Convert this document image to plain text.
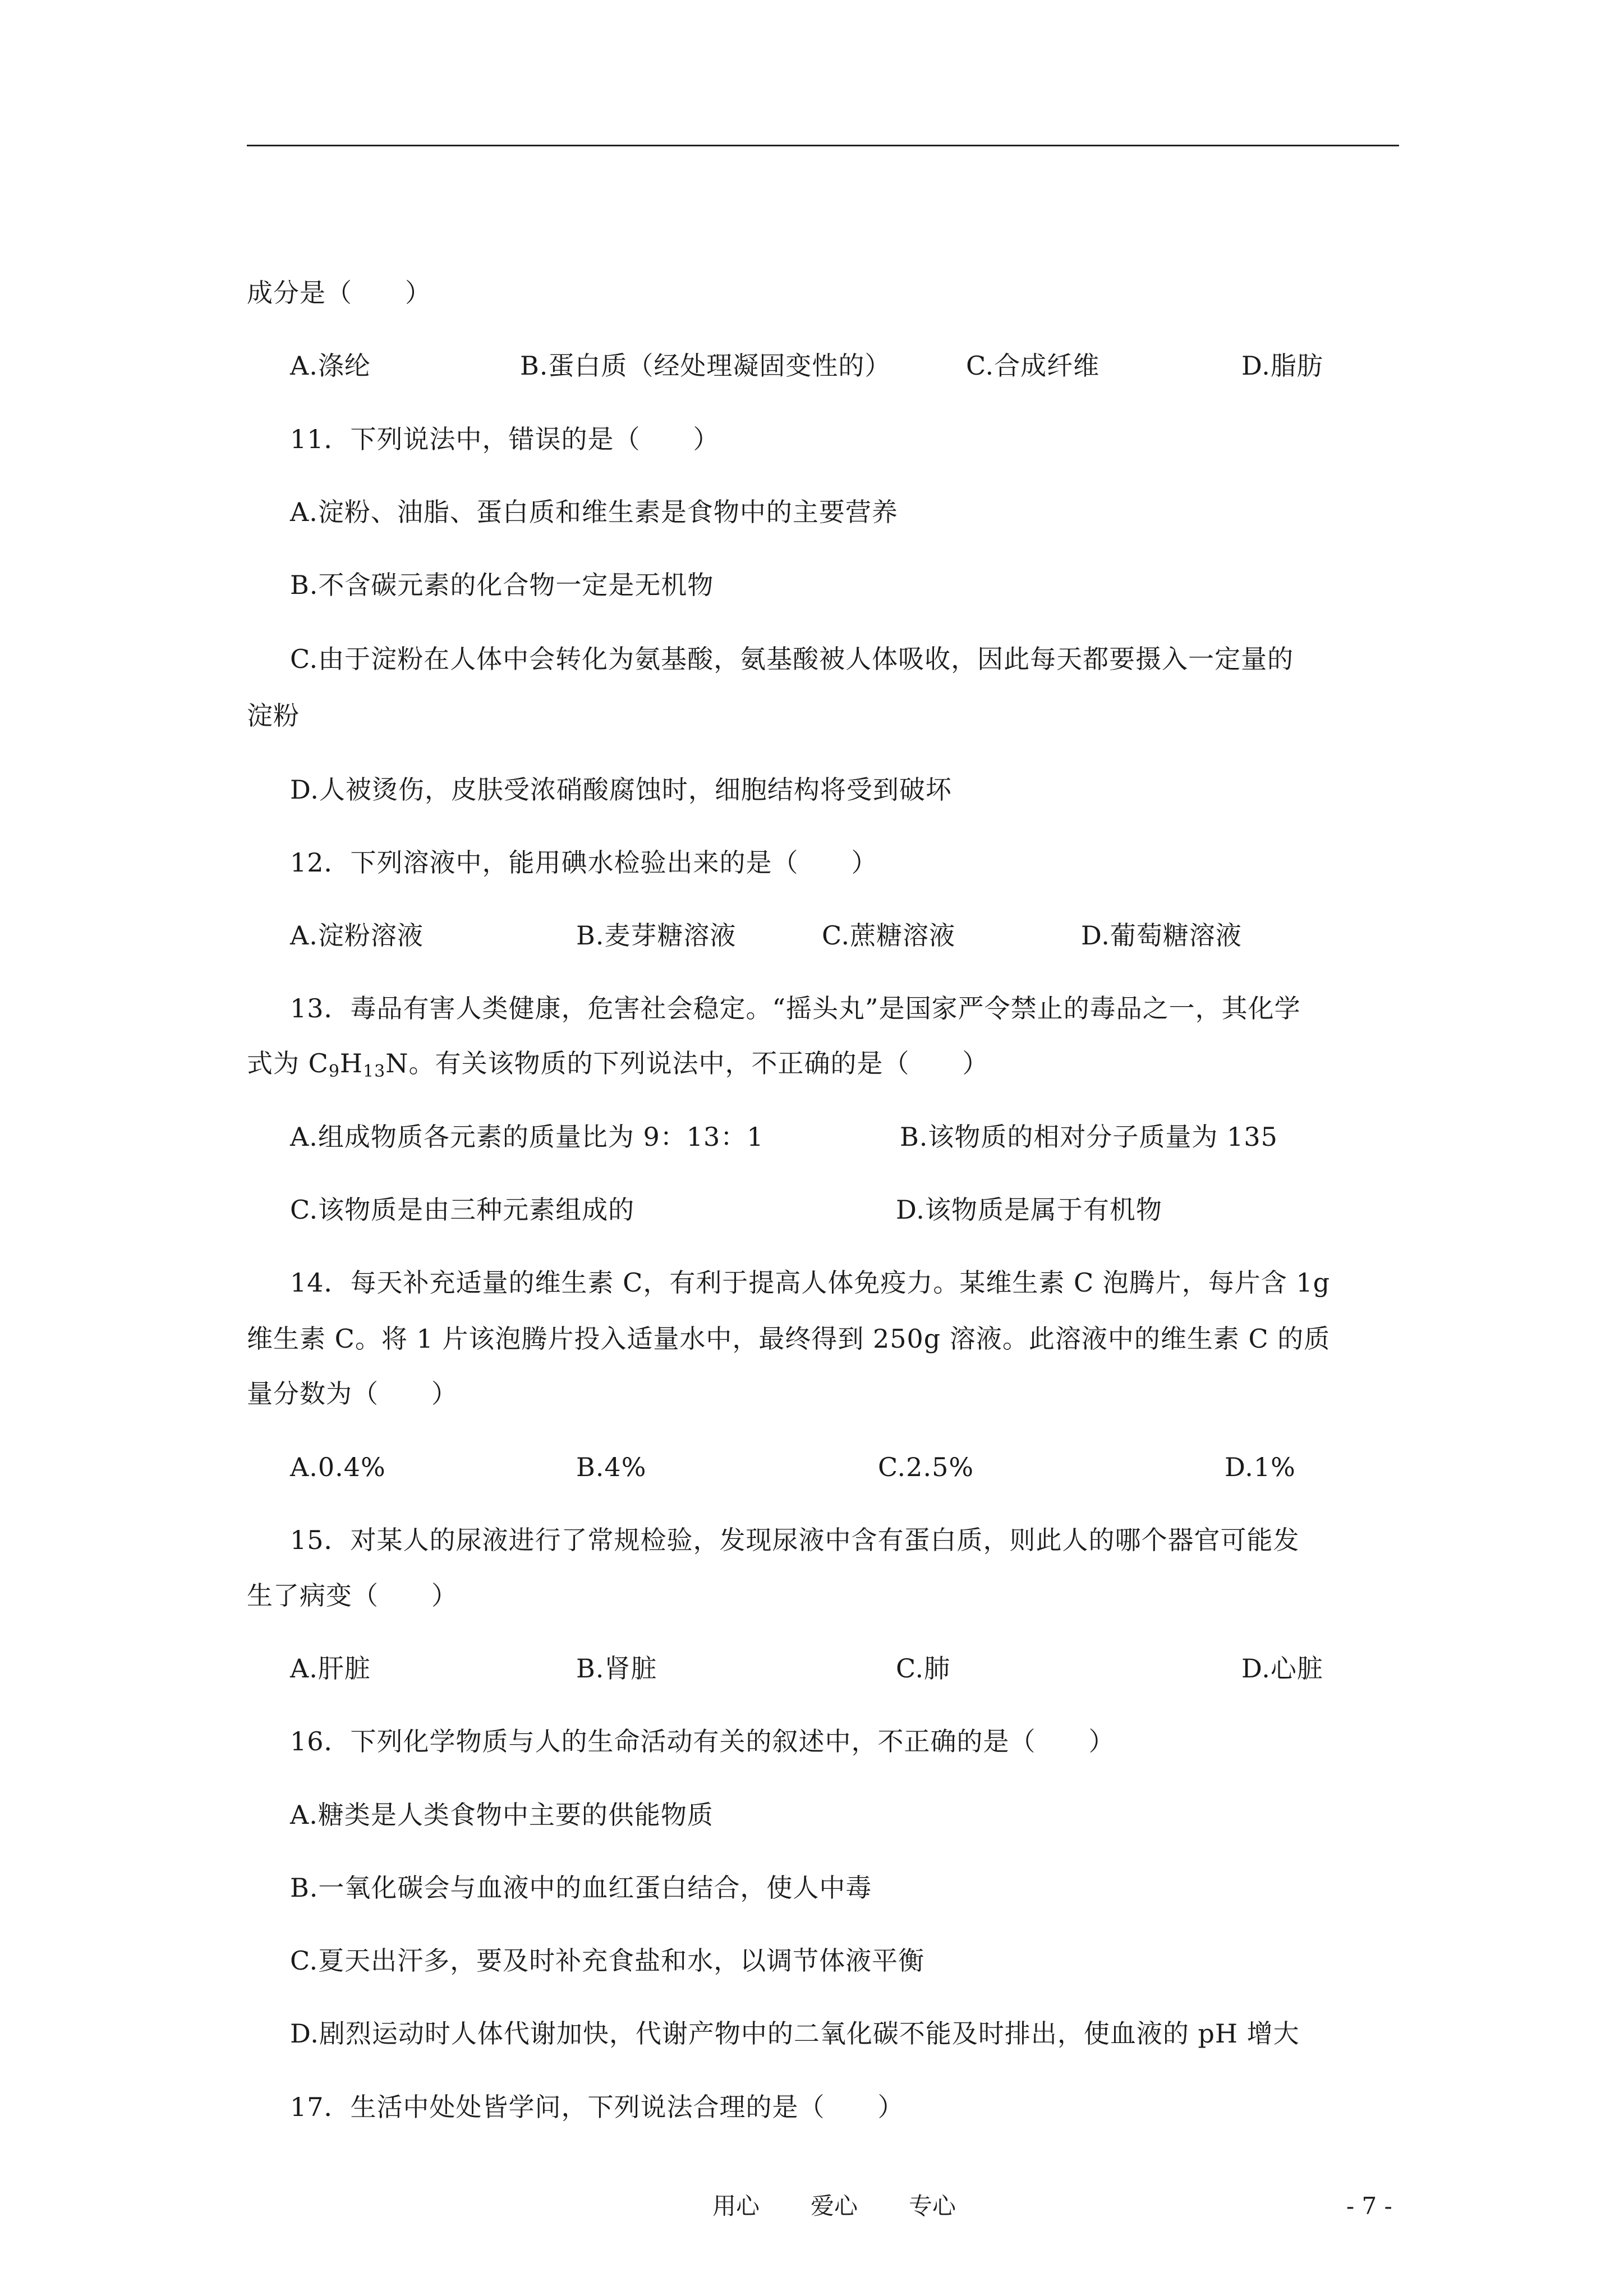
成分是（　　）
A.涤纶	B.蛋白质（经处理凝固变性的）	C.合成纤维	D.脂肪
11．下列说法中，错误的是（　　）
A.淀粉、油脂、蛋白质和维生素是食物中的主要营养
B.不含碳元素的化合物一定是无机物
C.由于淀粉在人体中会转化为氨基酸，氨基酸被人体吸收，因此每天都要摄入一定量的
淀粉
D.人被烫伤，皮肤受浓硝酸腐蚀时，细胞结构将受到破坏
12．下列溶液中，能用碘水检验出来的是（　　）
A.淀粉溶液	B.麦芽糖溶液	C.蔗糖溶液	D.葡萄糖溶液
13．毒品有害人类健康，危害社会稳定。“摇头丸”是国家严令禁止的毒品之一，其化学
式为 $C_9H_{13}N$。有关该物质的下列说法中，不正确的是（　　）
A.组成物质各元素的质量比为 9：13：1	B.该物质的相对分子质量为 135
C.该物质是由三种元素组成的	D.该物质是属于有机物
14．每天补充适量的维生素 C，有利于提高人体免疫力。某维生素 C 泡腾片，每片含 1g
维生素 C。将 1 片该泡腾片投入适量水中，最终得到 250g 溶液。此溶液中的维生素 C 的质
量分数为（　　）
A.0.4%	B.4%	C.2.5%	D.1%
15．对某人的尿液进行了常规检验，发现尿液中含有蛋白质，则此人的哪个器官可能发
生了病变（　　）
A.肝脏	B.肾脏	C.肺	D.心脏
16．下列化学物质与人的生命活动有关的叙述中，不正确的是（　　）
A.糖类是人类食物中主要的供能物质
B.一氧化碳会与血液中的血红蛋白结合，使人中毒
C.夏天出汗多，要及时补充食盐和水，以调节体液平衡
D.剧烈运动时人体代谢加快，代谢产物中的二氧化碳不能及时排出，使血液的 pH 增大
17．生活中处处皆学问，下列说法合理的是（　　）
用心 爱心 专心	- 7 -
